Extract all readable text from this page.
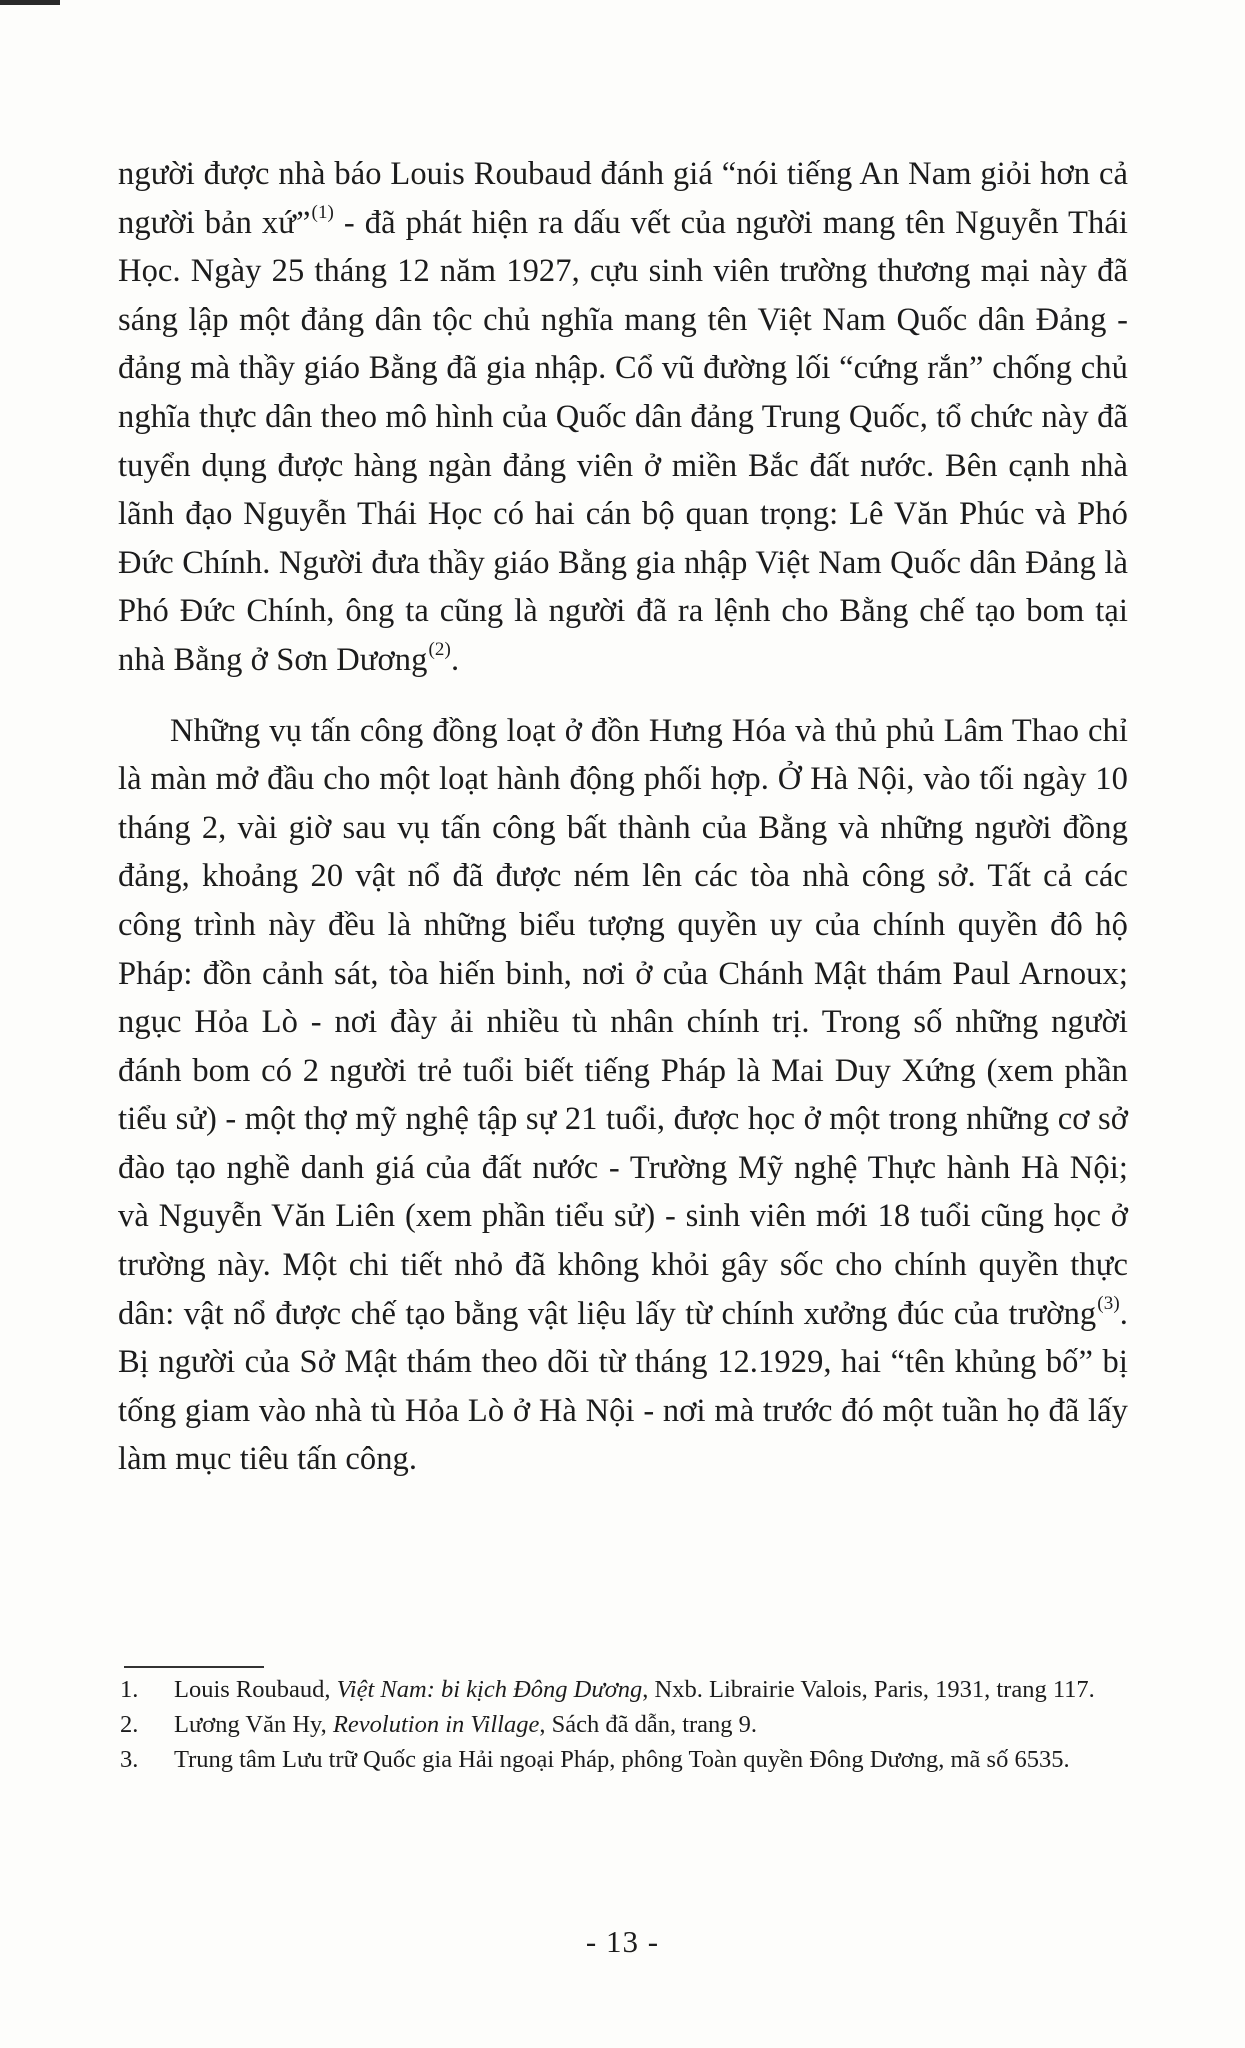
người được nhà báo Louis Roubaud đánh giá “nói tiếng An Nam giỏi hơn cả người bản xứ”$^{(1)}$ - đã phát hiện ra dấu vết của người mang tên Nguyễn Thái Học. Ngày 25 tháng 12 năm 1927, cựu sinh viên trường thương mại này đã sáng lập một đảng dân tộc chủ nghĩa mang tên Việt Nam Quốc dân Đảng - đảng mà thầy giáo Bằng đã gia nhập. Cổ vũ đường lối “cứng rắn” chống chủ nghĩa thực dân theo mô hình của Quốc dân đảng Trung Quốc, tổ chức này đã tuyển dụng được hàng ngàn đảng viên ở miền Bắc đất nước. Bên cạnh nhà lãnh đạo Nguyễn Thái Học có hai cán bộ quan trọng: Lê Văn Phúc và Phó Đức Chính. Người đưa thầy giáo Bằng gia nhập Việt Nam Quốc dân Đảng là Phó Đức Chính, ông ta cũng là người đã ra lệnh cho Bằng chế tạo bom tại nhà Bằng ở Sơn Dương$^{(2)}$.

Những vụ tấn công đồng loạt ở đồn Hưng Hóa và thủ phủ Lâm Thao chỉ là màn mở đầu cho một loạt hành động phối hợp. Ở Hà Nội, vào tối ngày 10 tháng 2, vài giờ sau vụ tấn công bất thành của Bằng và những người đồng đảng, khoảng 20 vật nổ đã được ném lên các tòa nhà công sở. Tất cả các công trình này đều là những biểu tượng quyền uy của chính quyền đô hộ Pháp: đồn cảnh sát, tòa hiến binh, nơi ở của Chánh Mật thám Paul Arnoux; ngục Hỏa Lò - nơi đày ải nhiều tù nhân chính trị. Trong số những người đánh bom có 2 người trẻ tuổi biết tiếng Pháp là Mai Duy Xứng (xem phần tiểu sử) - một thợ mỹ nghệ tập sự 21 tuổi, được học ở một trong những cơ sở đào tạo nghề danh giá của đất nước - Trường Mỹ nghệ Thực hành Hà Nội; và Nguyễn Văn Liên (xem phần tiểu sử) - sinh viên mới 18 tuổi cũng học ở trường này. Một chi tiết nhỏ đã không khỏi gây sốc cho chính quyền thực dân: vật nổ được chế tạo bằng vật liệu lấy từ chính xưởng đúc của trường$^{(3)}$. Bị người của Sở Mật thám theo dõi từ tháng 12.1929, hai “tên khủng bố” bị tống giam vào nhà tù Hỏa Lò ở Hà Nội - nơi mà trước đó một tuần họ đã lấy làm mục tiêu tấn công.

1.	Louis Roubaud, Việt Nam: bi kịch Đông Dương, Nxb. Librairie Valois, Paris, 1931, trang 117.
2.	Lương Văn Hy, Revolution in Village, Sách đã dẫn, trang 9.
3.	Trung tâm Lưu trữ Quốc gia Hải ngoại Pháp, phông Toàn quyền Đông Dương, mã số 6535.
- 13 -
